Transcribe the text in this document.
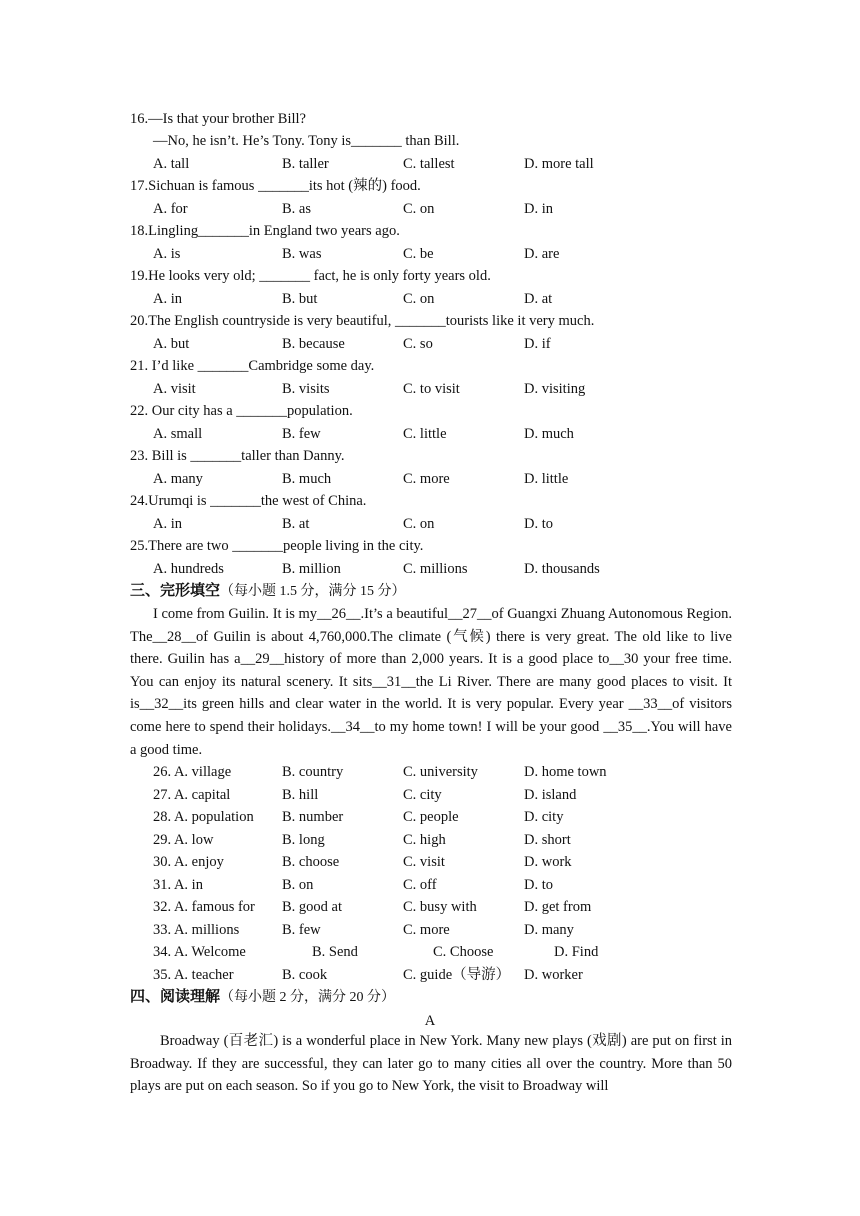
16.—Is that your brother Bill?
—No, he isn’t. He’s Tony. Tony is_______ than Bill.
A. tall	B. taller	C. tallest	D. more tall
17.Sichuan is famous _______its hot (辣的) food.
A. for	B. as	C. on	D. in
18.Lingling_______in England two years ago.
A. is	B. was	C. be	D. are
19.He looks very old; _______ fact, he is only forty years old.
A. in	B. but	C. on	D. at
20.The English countryside is very beautiful, _______tourists like it very much.
A. but	B. because	C. so	D. if
21. I’d like _______Cambridge some day.
A. visit	B. visits	C. to visit	D. visiting
22. Our city has a _______population.
A. small	B. few	C. little	D. much
23. Bill is _______taller than Danny.
A. many	B. much	C. more	D. little
24.Urumqi is _______the west of China.
A. in	B. at	C. on	D. to
25.There are two _______people living in the city.
A. hundreds	B. million	C. millions	D. thousands
三、完形填空（每小题 1.5 分，满分 15 分）
I come from Guilin. It is my__26__.It’s a beautiful__27__of Guangxi Zhuang Autonomous Region. The__28__of Guilin is about 4,760,000.The climate (气候) there is very great. The old like to live there. Guilin has a__29__history of more than 2,000 years. It is a good place to__30 your free time. You can enjoy its natural scenery. It sits__31__the Li River. There are many good places to visit. It is__32__its green hills and clear water in the world. It is very popular. Every year __33__of visitors come here to spend their holidays.__34__to my home town! I will be your good __35__.You will have a good time.
26. A. village	B. country	C. university	D. home town
27. A. capital	B. hill	C. city	D. island
28. A. population B. number	C. people	D. city
29. A. low	B. long	C. high	D. short
30. A. enjoy	B. choose	C. visit	D. work
31. A. in	B. on	C. off	D. to
32. A. famous for B. good at	C. busy with	D. get from
33. A. millions	B. few	C. more	D. many
34. A. Welcome	B. Send	C. Choose	D. Find
35. A. teacher	B. cook	C. guide（导游） D. worker
四、阅读理解（每小题 2 分，满分 20 分）
A
Broadway (百老汇) is a wonderful place in New York. Many new plays (戏剧) are put on first in Broadway. If they are successful, they can later go to many cities all over the country. More than 50 plays are put on each season. So if you go to New York, the visit to Broadway will
